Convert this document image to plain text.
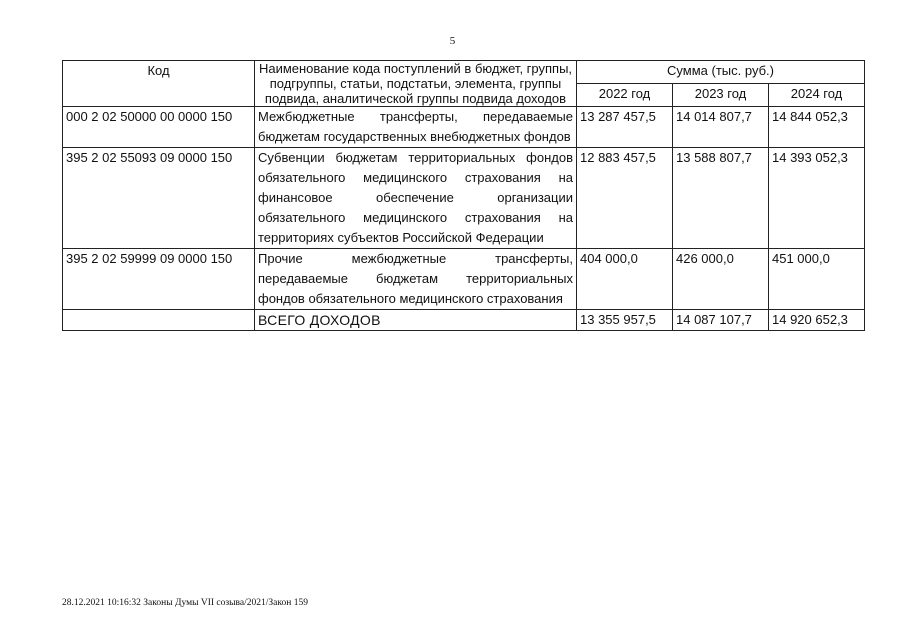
5
Код	Наименование кода поступлений в бюджет, группы, подгруппы, статьи, подстатьи, элемента, группы подвида, аналитической группы подвида доходов	Сумма (тыс. руб.)		
		2022 год	2023 год	2024 год
000 2 02 50000 00 0000 150	Межбюджетные трансферты, передаваемые бюджетам государственных внебюджетных фондов	13 287 457,5	14 014 807,7	14 844 052,3
395 2 02 55093 09 0000 150	Субвенции бюджетам территориальных фондов обязательного медицинского страхования на финансовое обеспечение организации обязательного медицинского страхования на территориях субъектов Российской Федерации	12 883 457,5	13 588 807,7	14 393 052,3
395 2 02 59999 09 0000 150	Прочие межбюджетные трансферты, передаваемые бюджетам территориальных фондов обязательного медицинского страхования	404 000,0	426 000,0	451 000,0
	ВСЕГО ДОХОДОВ	13 355 957,5	14 087 107,7	14 920 652,3
28.12.2021 10:16:32 Законы Думы VII созыва/2021/Закон 159
